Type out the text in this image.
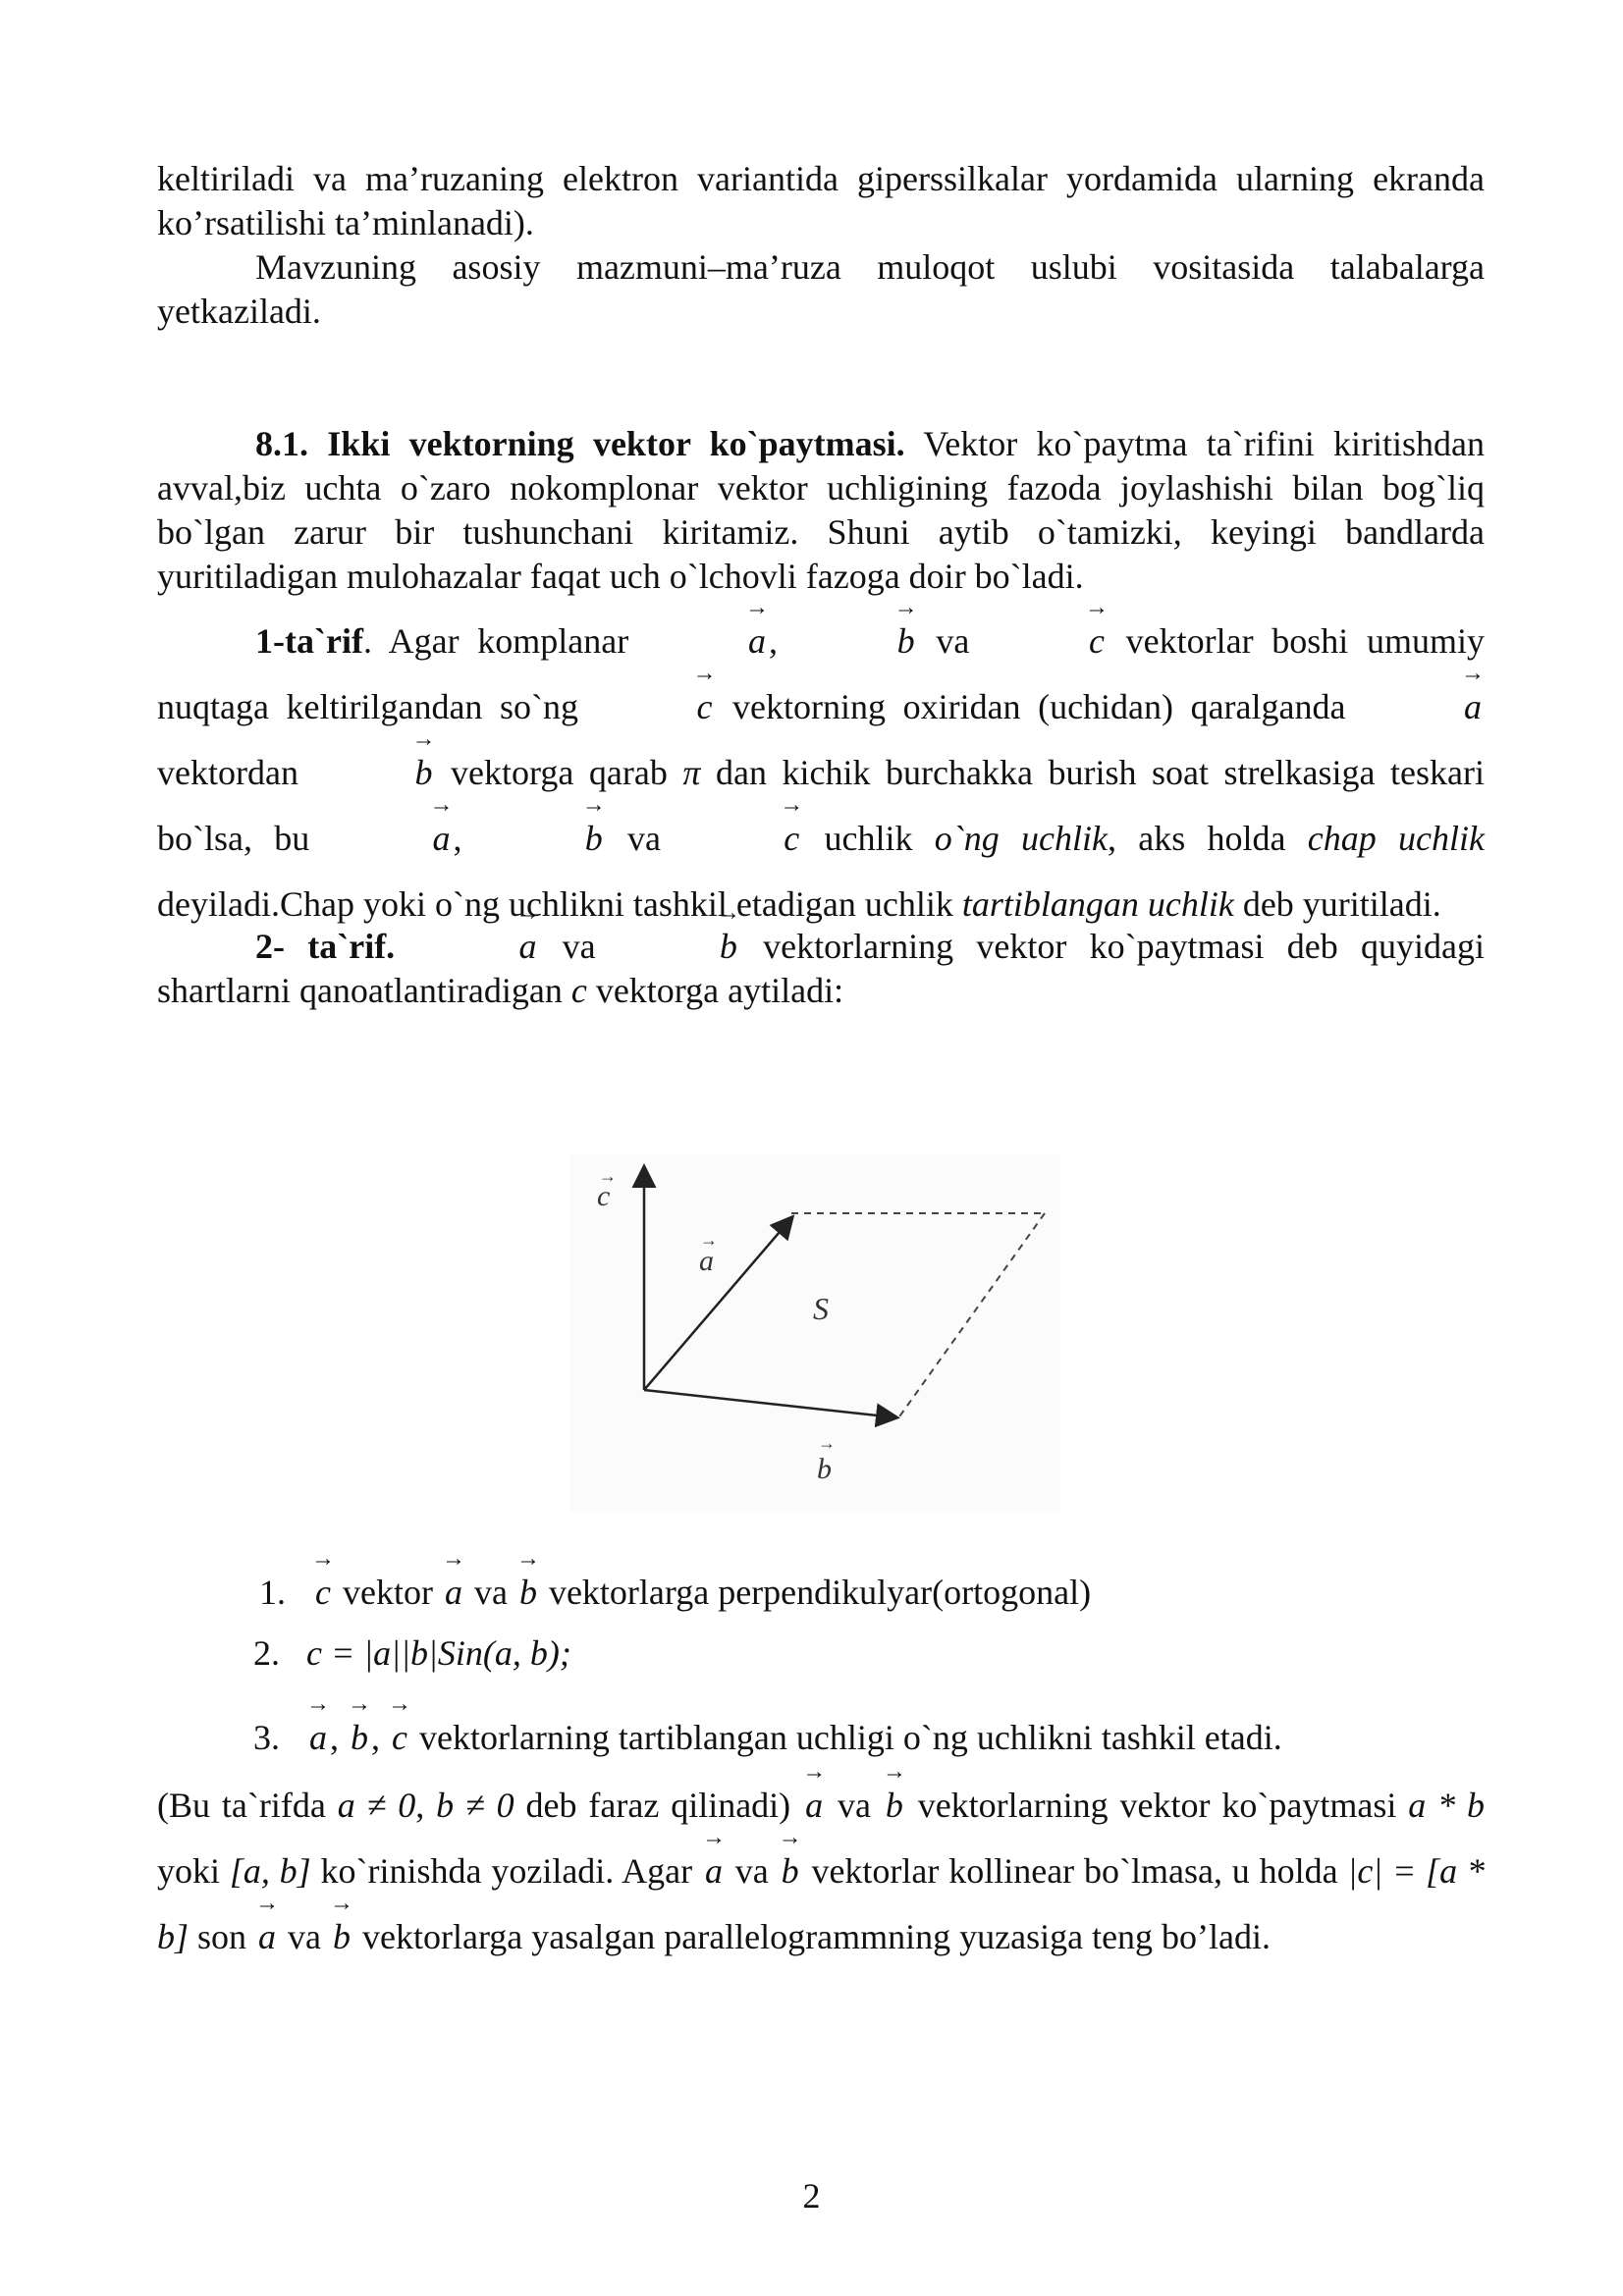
keltiriladi va ma’ruzaning elektron variantida giperssilkalar yordamida ularning ekranda ko’rsatilishi ta’minlanadi).

Mavzuning asosiy mazmuni–ma’ruza muloqot uslubi vositasida talabalarga yetkaziladi.

8.1. Ikki vektorning vektor ko`paytmasi. Vektor ko`paytma ta`rifini kiritishdan avval,biz uchta o`zaro nokomplonar vektor uchligining fazoda joylashishi bilan bog`liq bo`lgan zarur bir tushunchani kiritamiz. Shuni aytib o`tamizki, keyingi bandlarda yuritiladigan mulohazalar faqat uch o`lchovli fazoga doir bo`ladi.

1-ta`rif. Agar komplanar	→ a,	→ b va	→ c vektorlar boshi umumiy nuqtaga keltirilgandan so`ng	→ c vektorning oxiridan (uchidan) qaralganda	→ a vektordan	→ b vektorga qarab π dan kichik burchakka burish soat strelkasiga teskari bo`lsa, bu	→ a,	→ b va	→ c uchlik o`ng uchlik, aks holda chap uchlik deyiladi.Chap yoki o`ng uchlikni tashkil etadigan uchlik tartiblangan uchlik deb yuritiladi.

2- ta`rif.	→ a va	→ b vektorlarning vektor ko`paytmasi deb quyidagi shartlarni qanoatlantiradigan c vektorga aytiladi:

c
→
a
→
S
b
→
1. → c vektor → a va → b vektorlarga perpendikulyar(ortogonal)
2. c = |a||b|Sin(a, b);
3. → a, → b, → c vektorlarning tartiblangan uchligi o`ng uchlikni tashkil etadi.

(Bu ta`rifda a ≠ 0, b ≠ 0 deb faraz qilinadi) → a va → b vektorlarning vektor ko`paytmasi a * b yoki [a, b] ko`rinishda yoziladi. Agar → a va → b vektorlar kollinear bo`lmasa, u holda |c| = [a * b] son → a va → b vektorlarga yasalgan parallelogrammning yuzasiga teng bo’ladi.

2
